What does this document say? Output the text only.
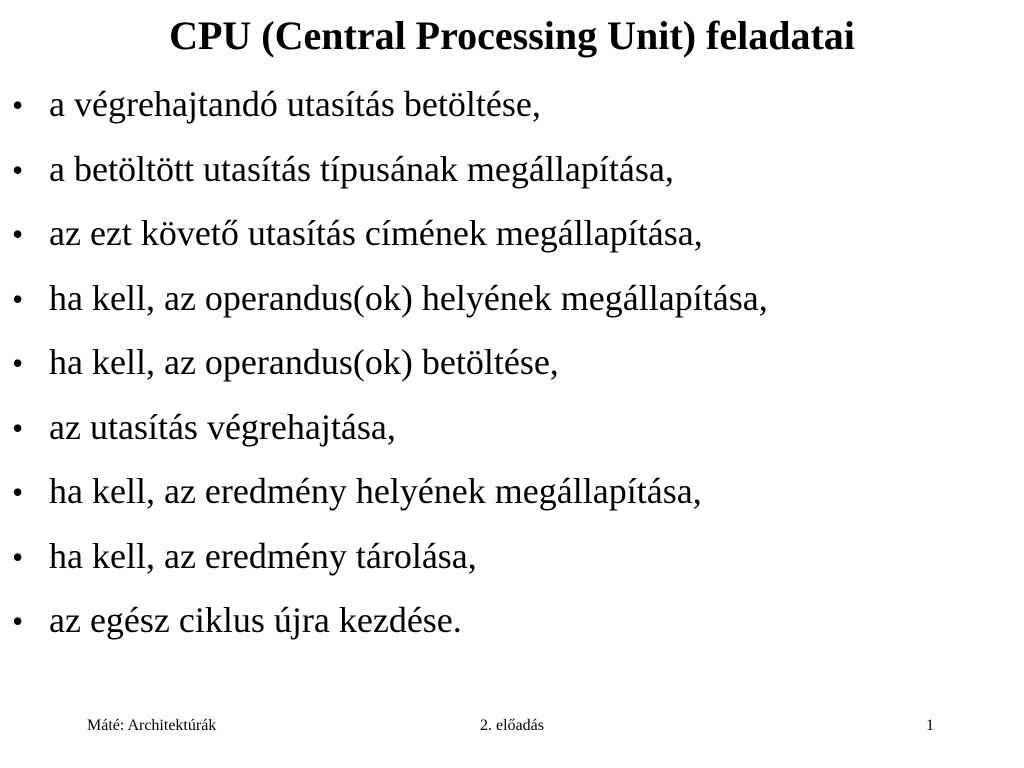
CPU (Central Processing Unit) feladatai
• a végrehajtandó utasítás betöltése,
• a betöltött utasítás típusának megállapítása,
• az ezt követő utasítás címének megállapítása,
• ha kell, az operandus(ok) helyének megállapítása,
• ha kell, az operandus(ok) betöltése,
• az utasítás végrehajtása,
• ha kell, az eredmény helyének megállapítása,
• ha kell, az eredmény tárolása,
• az egész ciklus újra kezdése.
Máté: Architektúrák	2. előadás	1
